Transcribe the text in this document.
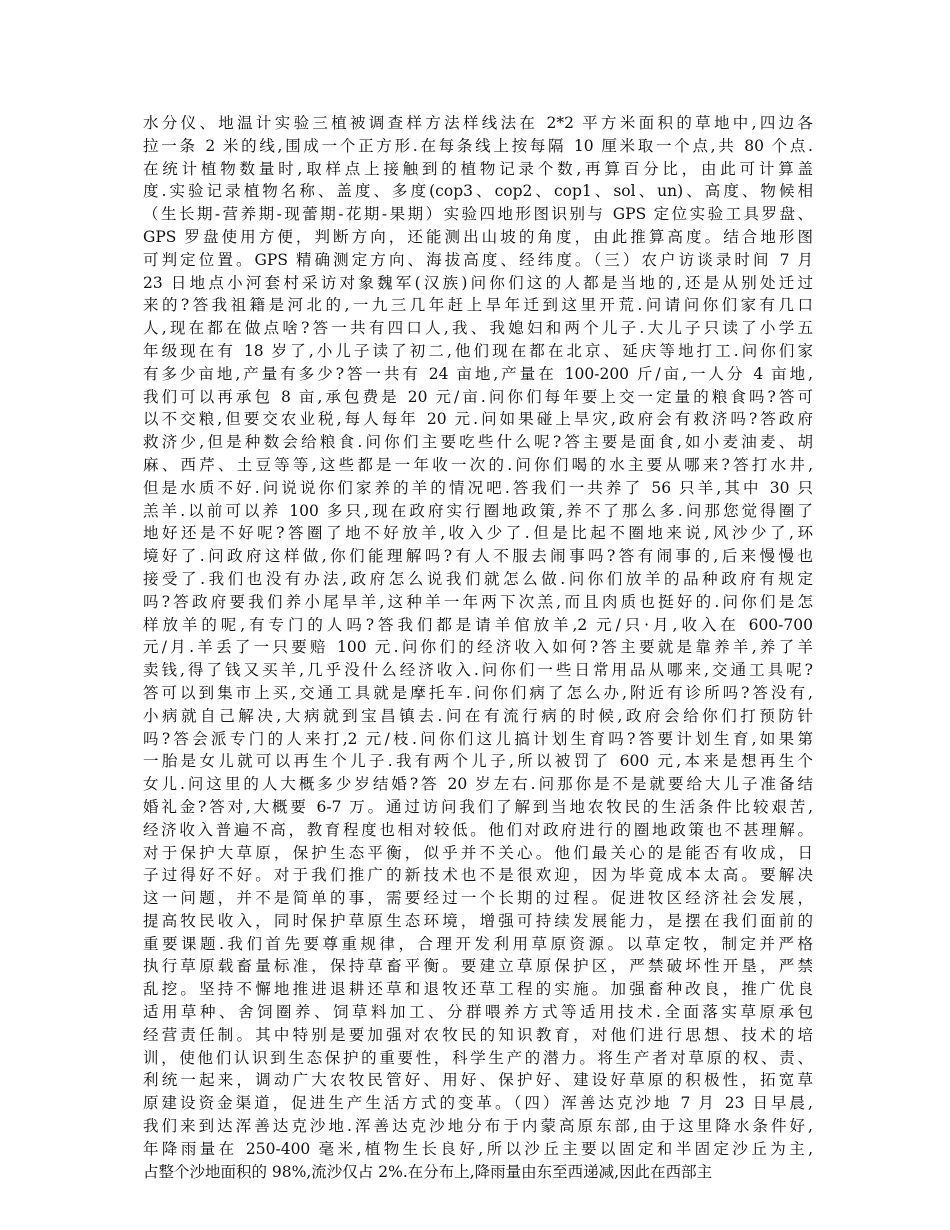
水分仪、地温计实验三植被调查样方法样线法在 2*2 平方米面积的草地中,四边各
拉一条 2 米的线,围成一个正方形.在每条线上按每隔 10 厘米取一个点,共 80 个点.
在统计植物数量时,取样点上接触到的植物记录个数,再算百分比，由此可计算盖
度.实验记录植物名称、盖度、多度(cop3、cop2、cop1、sol、un)、高度、物候相
（生长期-营养期-现蕾期-花期-果期）实验四地形图识别与 GPS 定位实验工具罗盘、
GPS 罗盘使用方便，判断方向，还能测出山坡的角度，由此推算高度。结合地形图
可判定位置。GPS 精确测定方向、海拔高度、经纬度。（三）农户访谈录时间 7 月
23 日地点小河套村采访对象魏军(汉族)问你们这的人都是当地的,还是从别处迁过
来的?答我祖籍是河北的,一九三几年赶上旱年迁到这里开荒.问请问你们家有几口
人,现在都在做点啥?答一共有四口人,我、我媳妇和两个儿子.大儿子只读了小学五
年级现在有 18 岁了,小儿子读了初二,他们现在都在北京、延庆等地打工.问你们家
有多少亩地,产量有多少?答一共有 24 亩地,产量在 100-200 斤/亩,一人分 4 亩地,
我们可以再承包 8 亩,承包费是 20 元/亩.问你们每年要上交一定量的粮食吗?答可
以不交粮,但要交农业税,每人每年 20 元.问如果碰上旱灾,政府会有救济吗?答政府
救济少,但是种数会给粮食.问你们主要吃些什么呢?答主要是面食,如小麦油麦、胡
麻、西芹、土豆等等,这些都是一年收一次的.问你们喝的水主要从哪来?答打水井,
但是水质不好.问说说你们家养的羊的情况吧.答我们一共养了 56 只羊,其中 30 只
羔羊.以前可以养 100 多只,现在政府实行圈地政策,养不了那么多.问那您觉得圈了
地好还是不好呢?答圈了地不好放羊,收入少了.但是比起不圈地来说,风沙少了,环
境好了.问政府这样做,你们能理解吗?有人不服去闹事吗?答有闹事的,后来慢慢也
接受了.我们也没有办法,政府怎么说我们就怎么做.问你们放羊的品种政府有规定
吗?答政府要我们养小尾旱羊,这种羊一年两下次羔,而且肉质也挺好的.问你们是怎
样放羊的呢,有专门的人吗?答我们都是请羊倌放羊,2 元/只·月,收入在 600-700
元/月.羊丢了一只要赔 100 元.问你们的经济收入如何?答主要就是靠养羊,养了羊
卖钱,得了钱又买羊,几乎没什么经济收入.问你们一些日常用品从哪来,交通工具呢?
答可以到集市上买,交通工具就是摩托车.问你们病了怎么办,附近有诊所吗?答没有,
小病就自己解决,大病就到宝昌镇去.问在有流行病的时候,政府会给你们打预防针
吗?答会派专门的人来打,2 元/枝.问你们这儿搞计划生育吗?答要计划生育,如果第
一胎是女儿就可以再生个儿子.我有两个儿子,所以被罚了 600 元,本来是想再生个
女儿.问这里的人大概多少岁结婚?答 20 岁左右.问那你是不是就要给大儿子准备结
婚礼金?答对,大概要 6-7 万。通过访问我们了解到当地农牧民的生活条件比较艰苦,
经济收入普遍不高，教育程度也相对较低。他们对政府进行的圈地政策也不甚理解。
对于保护大草原，保护生态平衡，似乎并不关心。他们最关心的是能否有收成，日
子过得好不好。对于我们推广的新技术也不是很欢迎，因为毕竟成本太高。要解决
这一问题，并不是简单的事，需要经过一个长期的过程。促进牧区经济社会发展，
提高牧民收入，同时保护草原生态环境，增强可持续发展能力，是摆在我们面前的
重要课题.我们首先要尊重规律，合理开发利用草原资源。以草定牧，制定并严格
执行草原载畜量标准，保持草畜平衡。要建立草原保护区，严禁破坏性开垦，严禁
乱挖。坚持不懈地推进退耕还草和退牧还草工程的实施。加强畜种改良，推广优良
适用草种、舍饲圈养、饲草料加工、分群喂养方式等适用技术.全面落实草原承包
经营责任制。其中特别是要加强对农牧民的知识教育，对他们进行思想、技术的培
训，使他们认识到生态保护的重要性，科学生产的潜力。将生产者对草原的权、责、
利统一起来，调动广大农牧民管好、用好、保护好、建设好草原的积极性，拓宽草
原建设资金渠道，促进生产生活方式的变革。（四）浑善达克沙地 7 月 23 日早晨,
我们来到达浑善达克沙地.浑善达克沙地分布于内蒙高原东部,由于这里降水条件好,
年降雨量在 250-400 毫米,植物生长良好,所以沙丘主要以固定和半固定沙丘为主,
占整个沙地面积的 98%,流沙仅占 2%.在分布上,降雨量由东至西递减,因此在西部主
